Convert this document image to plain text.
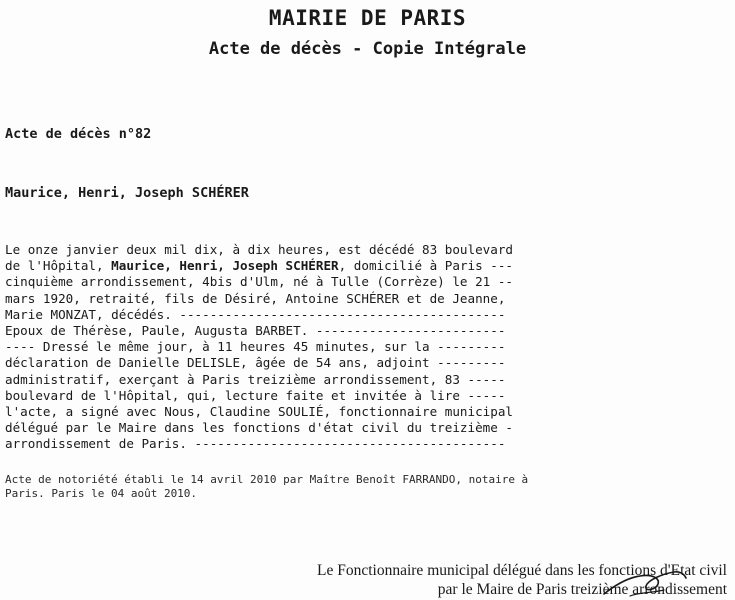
MAIRIE DE PARIS
Acte de décès - Copie Intégrale
Acte de décès n°82
Maurice, Henri, Joseph SCHÉRER
Le onze janvier deux mil dix, à dix heures, est décédé 83 boulevard
de l'Hôpital, Maurice, Henri, Joseph SCHÉRER, domicilié à Paris ---
cinquième arrondissement, 4bis d'Ulm, né à Tulle (Corrèze) le 21 --
mars 1920, retraité, fils de Désiré, Antoine SCHÉRER et de Jeanne,
Marie MONZAT, décédés. -------------------------------------------
Epoux de Thérèse, Paule, Augusta BARBET. -------------------------
---- Dressé le même jour, à 11 heures 45 minutes, sur la ---------
déclaration de Danielle DELISLE, âgée de 54 ans, adjoint ---------
administratif, exerçant à Paris treizième arrondissement, 83 -----
boulevard de l'Hôpital, qui, lecture faite et invitée à lire -----
l'acte, a signé avec Nous, Claudine SOULIÉ, fonctionnaire municipal
délégué par le Maire dans les fonctions d'état civil du treizième -
arrondissement de Paris. -----------------------------------------
Acte de notoriété établi le 14 avril 2010 par Maître Benoît FARRANDO, notaire à
Paris. Paris le 04 août 2010.
Le Fonctionnaire municipal délégué dans les fonctions d'Etat civil
par le Maire de Paris treizième arrondissement
